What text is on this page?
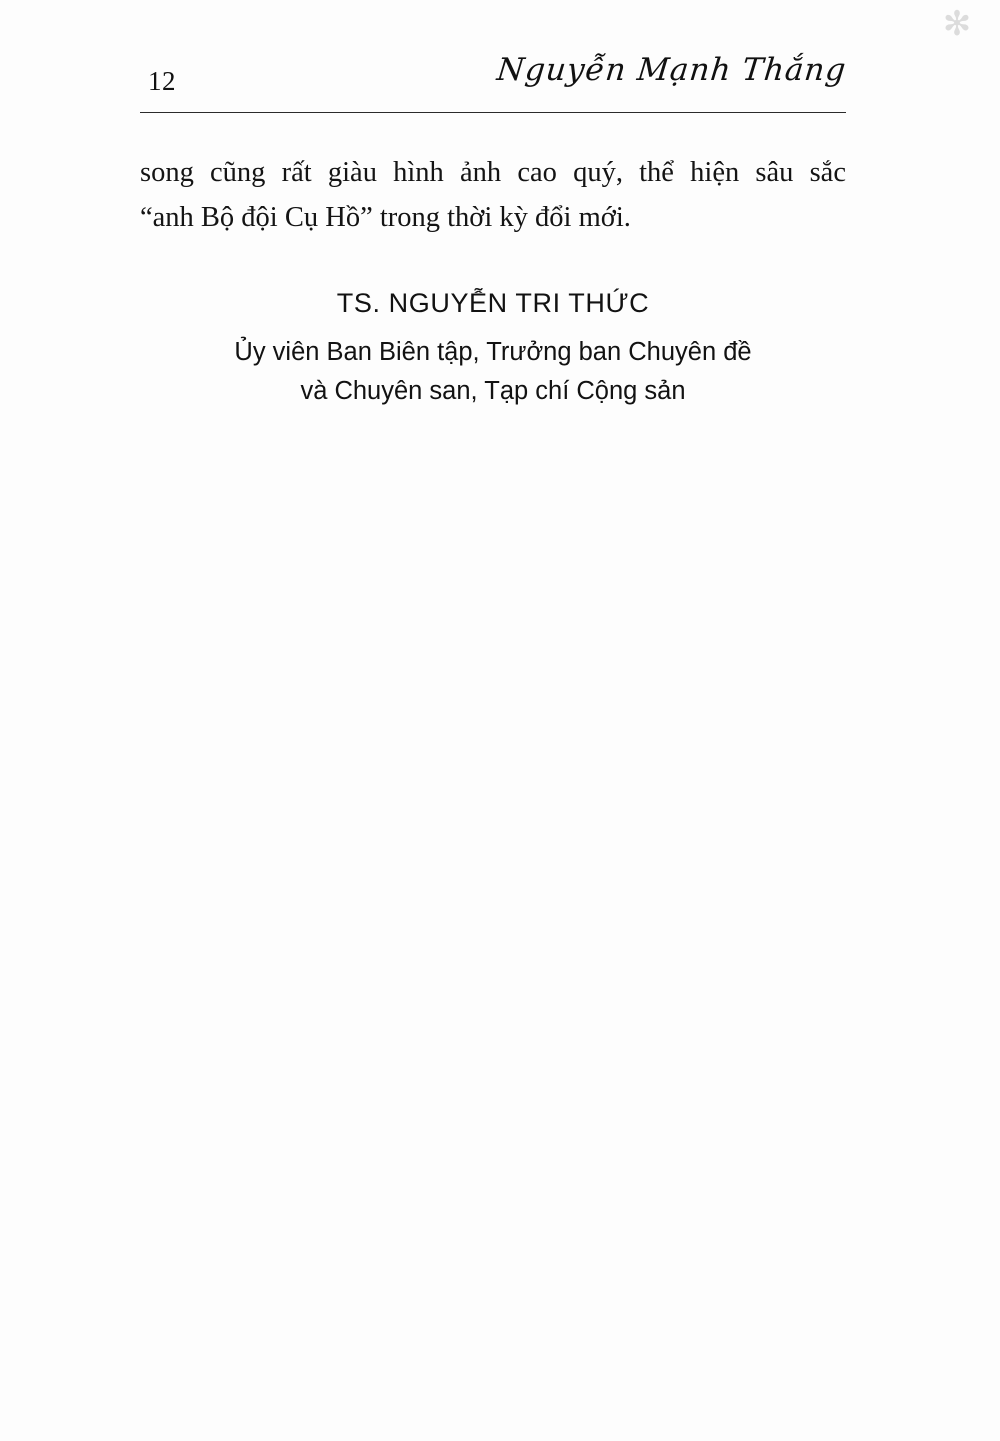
✻
12	Nguyễn Mạnh Thắng

song cũng rất giàu hình ảnh cao quý, thể hiện sâu sắc
“anh Bộ đội Cụ Hồ” trong thời kỳ đổi mới.

TS. NGUYỄN TRI THỨC
Ủy viên Ban Biên tập, Trưởng ban Chuyên đề
và Chuyên san, Tạp chí Cộng sản
